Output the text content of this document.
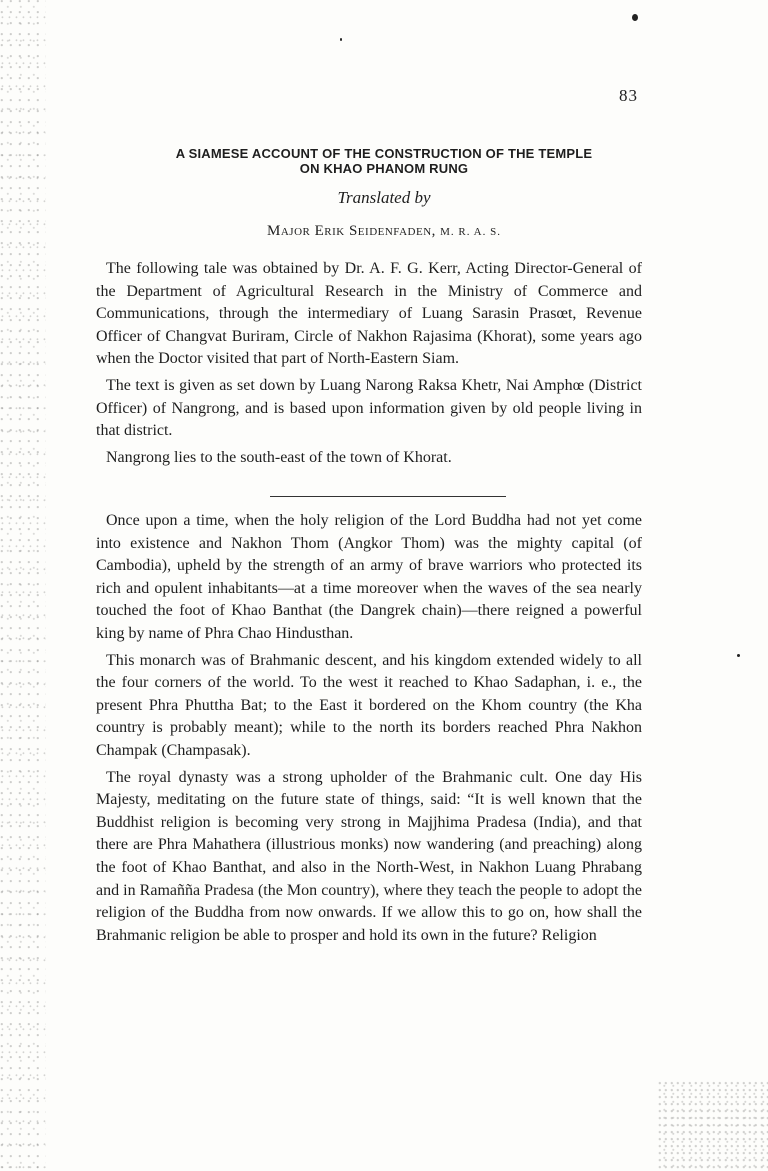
83
A SIAMESE ACCOUNT OF THE CONSTRUCTION OF THE TEMPLE
ON KHAO PHANOM RUNG
Translated by
Major Erik Seidenfaden, M. R. A. S.

The following tale was obtained by Dr. A. F. G. Kerr, Acting Director-General of the Department of Agricultural Research in the Ministry of Commerce and Communications, through the intermediary of Luang Sarasin Prasœt, Revenue Officer of Changvat Buriram, Circle of Nakhon Rajasima (Khorat), some years ago when the Doctor visited that part of North-Eastern Siam.

The text is given as set down by Luang Narong Raksa Khetr, Nai Amphœ (District Officer) of Nangrong, and is based upon information given by old people living in that district.

Nangrong lies to the south-east of the town of Khorat.

Once upon a time, when the holy religion of the Lord Buddha had not yet come into existence and Nakhon Thom (Angkor Thom) was the mighty capital (of Cambodia), upheld by the strength of an army of brave warriors who protected its rich and opulent inhabitants—at a time moreover when the waves of the sea nearly touched the foot of Khao Banthat (the Dangrek chain)—there reigned a powerful king by name of Phra Chao Hindusthan.

This monarch was of Brahmanic descent, and his kingdom extended widely to all the four corners of the world. To the west it reached to Khao Sadaphan, i. e., the present Phra Phuttha Bat; to the East it bordered on the Khom country (the Kha country is probably meant); while to the north its borders reached Phra Nakhon Champak (Champasak).

The royal dynasty was a strong upholder of the Brahmanic cult. One day His Majesty, meditating on the future state of things, said: “It is well known that the Buddhist religion is becoming very strong in Majjhima Pradesa (India), and that there are Phra Mahathera (illustrious monks) now wandering (and preaching) along the foot of Khao Banthat, and also in the North-West, in Nakhon Luang Phrabang and in Ramañña Pradesa (the Mon country), where they teach the people to adopt the religion of the Buddha from now onwards. If we allow this to go on, how shall the Brahmanic religion be able to prosper and hold its own in the future? Religion
